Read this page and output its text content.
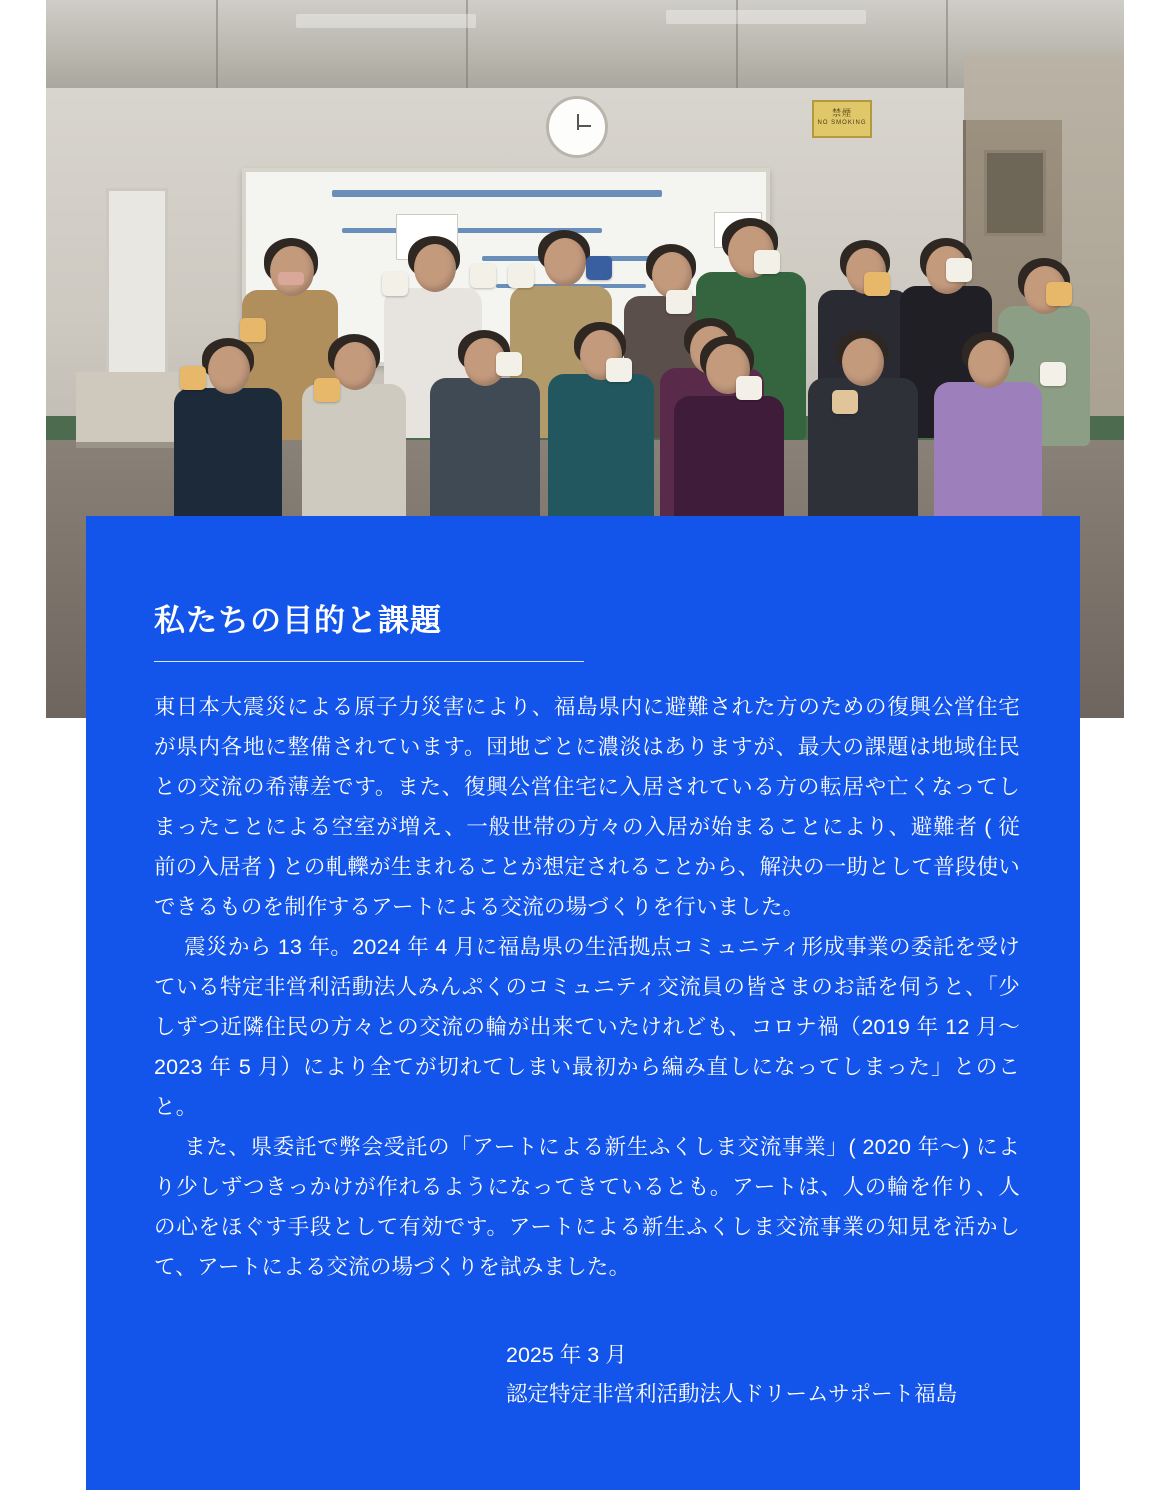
禁煙
NO SMOKING
私たちの目的と課題

東日本大震災による原子力災害により、福島県内に避難された方のための復興公営住宅が県内各地に整備されています。団地ごとに濃淡はありますが、最大の課題は地域住民との交流の希薄差です。また、復興公営住宅に入居されている方の転居や亡くなってしまったことによる空室が増え、一般世帯の方々の入居が始まることにより、避難者 ( 従前の入居者 ) との軋轢が生まれることが想定されることから、解決の一助として普段使いできるものを制作するアートによる交流の場づくりを行いました。

震災から 13 年。2024 年 4 月に福島県の生活拠点コミュニティ形成事業の委託を受けている特定非営利活動法人みんぷくのコミュニティ交流員の皆さまのお話を伺うと、「少しずつ近隣住民の方々との交流の輪が出来ていたけれども、コロナ禍（2019 年 12 月〜 2023 年 5 月）により全てが切れてしまい最初から編み直しになってしまった」とのこと。

また、県委託で弊会受託の「アートによる新生ふくしま交流事業」( 2020 年〜) により少しずつきっかけが作れるようになってきているとも。アートは、人の輪を作り、人の心をほぐす手段として有効です。アートによる新生ふくしま交流事業の知見を活かして、アートによる交流の場づくりを試みました。

2025 年 3 月
認定特定非営利活動法人ドリームサポート福島
